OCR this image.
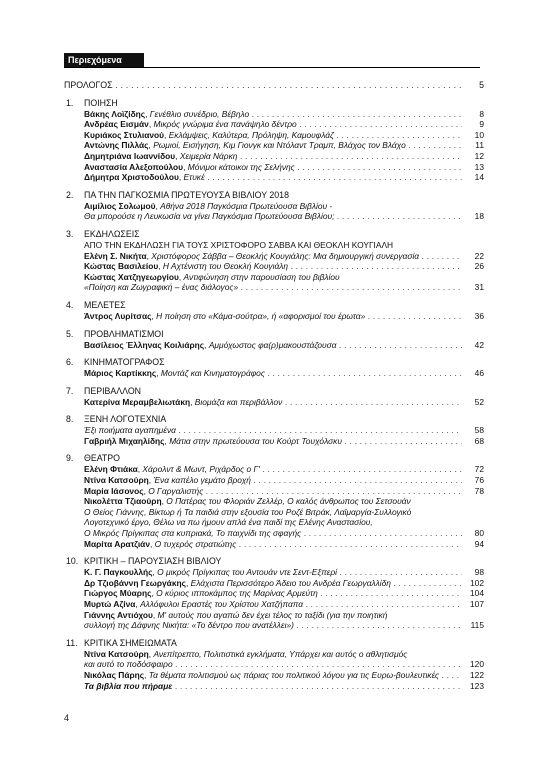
Περιεχόμενα
ΠΡΟΛΟΓΟΣ . . .	5
1.	ΠΟΙΗΣΗ
Βάκης Λοϊζίδης, Γενέθλιο συνέδριο, Βέβηλο . . .	8
Ανδρέας Εισμάν, Μικρός γνώριμα ένα πανάψηλο δέντρο . . .	9
Κυριάκος Στυλιανού, Εκλάμψεις, Καλύτερα, Πρόληψη, Καμουφλάζ . . .	10
Αντώνης Πιλλάς, Ρωμιοί, Εισήγηση, Κιμ Γιονγκ και Ντόλαντ Τραμπ, Βλάχος τον Βλάχο . . .	11
Δημητριάνα Ιωαννίδου, Χειμερία Νάρκη . . .	12
Αναστασία Αλεξοπούλου, Μόνιμοι κάτοικοι της Σελήνης . . .	13
Δήμητρα Χριστοδούλου, Ετυκέ . . .	14
2.	ΠΑ ΤΗΝ ΠΑΓΚΟΣΜΙΑ ΠΡΩΤΕΥΟΥΣΑ ΒΙΒΛΙΟΥ 2018
Αιμίλιος Σολωμού, Αθήνα 2018 Παγκόσμια Πρωτεύουσα Βιβλίου -
Θα μπορούσε η Λευκωσία να γίνει Παγκόσμια Πρωτεύουσα Βιβλίου; . . .	18
3.	ΕΚΔΗΛΩΣΕΙΣ
ΑΠΟ ΤΗΝ ΕΚΔΗΛΩΣΗ ΓΙΑ ΤΟΥΣ ΧΡΙΣΤΟΦΟΡΟ ΣΑΒΒΑ ΚΑΙ ΘΕΟΚΛΗ ΚΟΥΓΙΑΛΗ
Ελένη Σ. Νικήτα, Χριστόφορος Σάββα – Θεοκλής Κουγιάλης: Μια δημιουργική συνεργασία . . .	22
Κώστας Βασιλείου, Η Αχτένιστη του Θεοκλή Κουγιάλη . . .	26
Κώστας Χατζηγεωργίου, Αντιφώνηση στην παρουσίαση του βιβλίου
«Ποίηση και Ζωγραφική – ένας διάλογος» . . .	31
4.	ΜΕΛΕΤΕΣ
Άντρος Λυρίτσας, Η ποίηση στο «Κάμα-σούτρα», ή «αφορισμοί του έρωτα» . . .	36
5.	ΠΡΟΒΛΗΜΑΤΙΣΜΟΙ
Βασίλειος Έλληνας Κοιλιάρης, Αμμόχωστος φα(ρ)μακουστάζουσα . . .	42
6.	ΚΙΝΗΜΑΤΟΓΡΑΦΟΣ
Μάριος Καρτίκκης, Μοντάζ και Κινηματογράφος . . .	46
7.	ΠΕΡΙΒΑΛΛΟΝ
Κατερίνα Μεραμβελιωτάκη, Βιομάζα και περιβάλλον . . .	52
8.	ΞΕΝΗ ΛΟΓΟΤΕΧΝΙΑ
Έξι ποιήματα αγαπημένα . . .	58
Γαβριήλ Μιχαηλίδης, Μάτια στην πρωτεύουσα του Κούρτ Τουχόλσκυ . . .	68
9.	ΘΕΑΤΡΟ
Ελένη Φτιάκα, Χάρολντ & Μωντ, Ριχάρδος ο Γ' . . .	72
Ντίνα Κατσούρη, Ένα καπέλο γεμάτο βροχή . . .	76
Μαρία Ιάσονος, Ο Γαργαλιστής . . .	78
Νικολέττα Τζιαούρη, Ο Πατέρας του Φλοριάν Ζελλέρ, Ο καλός άνθρωπος του Σετσουάν
Ο Θείος Γιάννης, Βίκτωρ ή Τα παιδιά στην εξουσία του Ροζέ Βιτράκ, Λαϊμαργία-Συλλογικό
Λογοτεχνικό έργο, Θέλω να πω ήμουν απλά ένα παιδί της Ελένης Αναστασίου,
Ο Μικρός Πρίγκιπας στα κυπριακά, Το παιχνίδι της σφαγής . . .	80
Μαρίτα Αρατζιάν, Ο τυχερός στρατιώτης . . .	94
10. ΚΡΙΤΙΚΗ – ΠΑΡΟΥΣΙΑΣΗ ΒΙΒΛΙΟΥ
Κ. Γ. Παγκουλλής, Ο μικρός Πρίγκιπας του Αντουάν ντε Σεντ-Εξπερί . . .	98
Δρ Τζιοβάννη Γεωργάκης, Ελάχιστα Περισσότερο Άδειο του Ανδρέα Γεωργαλλίδη . . .	102
Γιώργος Μύαρης, Ο κύριος ιπποκάμπος της Μαρίνας Αρμεύτη . . .	104
Μυρτώ Αζίνα, Αλλόφυλοι Εραστές του Χρίστου Χατζήπαπα . . .	107
Γιάννης Αντιόχου, Μ' αυτούς που αγαπώ δεν έχει τέλος το ταξίδι (για την ποιητική
συλλογή της Δάφνης Νικήτα: «Το δέντρο που ανατέλλει») . . .	115
11. ΚΡΙΤΙΚΑ ΣΗΜΕΙΩΜΑΤΑ
Ντίνα Κατσούρη, Ανεπίτρεπτο, Πολιτιστικά εγκλήματα, Υπάρχει και αυτός ο αθλητισμός
και αυτό το ποδόσφαιρο . . .	120
Νικόλας Πάρης, Τα θέματα πολιτισμού ως πάριας του πολιτικού λόγου για τις Ευρω-βουλευτικές . . .	122
Τα βιβλία που πήραμε . . .	123
4
